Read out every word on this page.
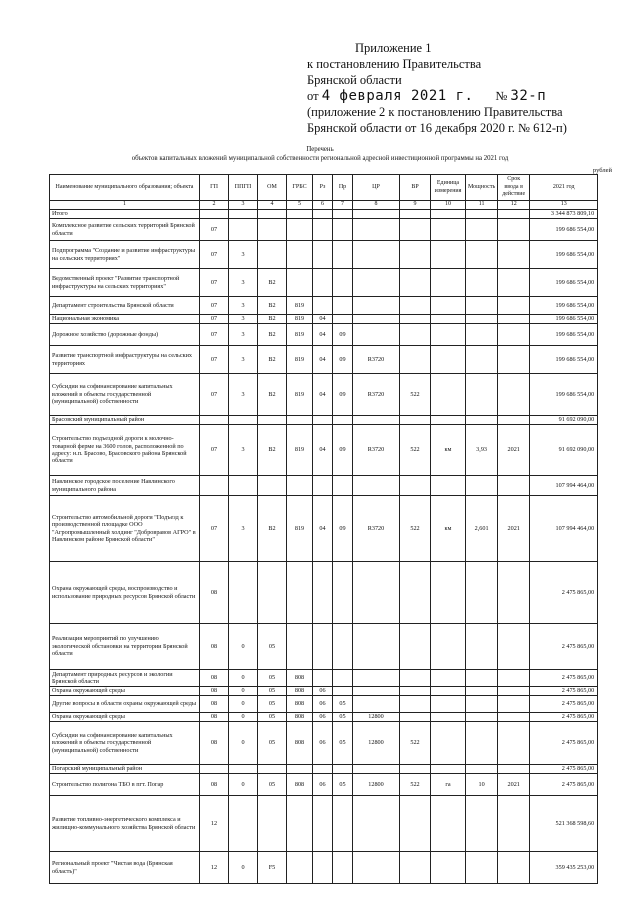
Приложение 1
к постановлению Правительства
Брянской области
от 4 февраля 2021 г. № 32-п
(приложение 2 к постановлению Правительства
Брянской области от 16 декабря 2020 г. № 612-п)
Перечень
объектов капитальных вложений муниципальной собственности региональной адресной инвестиционной программы на 2021 год
рублей
Наименование муниципального образования; объекта	ГП	ППГП	ОМ	ГРБС	Рз	Пр	ЦР	ВР	Единица измерения	Мощность	Срок ввода в действие	2021 год
1	2	3	4	5	6	7	8	9	10	11	12	13
Итого												3 344 873 809,10
Комплексное развитие сельских территорий Брянской области	07											199 686 554,00
Подпрограмма "Создание и развитие инфраструктуры на сельских территориях"	07	3										199 686 554,00
Ведомственный проект "Развитие транспортной инфраструктуры на сельских территориях"	07	3	В2									199 686 554,00
Департамент строительства Брянской области	07	3	В2	819								199 686 554,00
Национальная экономика	07	3	В2	819	04							199 686 554,00
Дорожное хозяйство (дорожные фонды)	07	3	В2	819	04	09						199 686 554,00
Развитие транспортной инфраструктуры на сельских территориях	07	3	В2	819	04	09	R3720					199 686 554,00
Субсидии на софинансирование капитальных вложений в объекты государственной (муниципальной) собственности	07	3	В2	819	04	09	R3720	522				199 686 554,00
Брасовский муниципальный район												91 692 090,00
Строительство подъездной дороги к молочно-товарной ферме на 3600 голов, расположенной по адресу: н.п. Брасово, Брасовского района Брянской области	07	3	В2	819	04	09	R3720	522	км	3,93	2021	91 692 090,00
Навлинское городское поселение Навлинского муниципального района												107 994 464,00
Строительство автомобильной дороги "Подъезд к производственной площадке ООО "Агропромышленный холдинг "Добровравов АГРО" в Навлинском районе Брянской области"	07	3	В2	819	04	09	R3720	522	км	2,601	2021	107 994 464,00
Охрана окружающей среды, воспроизводство и использование природных ресурсов Брянской области	08											2 475 865,00
Реализация мероприятий по улучшению экологической обстановки на территории Брянской области	08	0	05									2 475 865,00
Департамент природных ресурсов и экологии Брянской области	08	0	05	808								2 475 865,00
Охрана окружающей среды	08	0	05	808	06							2 475 865,00
Другие вопросы в области охраны окружающей среды	08	0	05	808	06	05						2 475 865,00
Охрана окружающей среды	08	0	05	808	06	05	12800					2 475 865,00
Субсидии на софинансирование капитальных вложений в объекты государственной (муниципальной) собственности	08	0	05	808	06	05	12800	522				2 475 865,00
Погарский муниципальный район												2 475 865,00
Строительство полигона ТБО в пгт. Погар	08	0	05	808	06	05	12800	522	га	10	2021	2 475 865,00
Развитие топливно-энергетического комплекса и жилищно-коммунального хозяйства Брянской области	12											521 368 598,60
Региональный проект "Чистая вода (Брянская область)"	12	0	F5									359 435 253,00
